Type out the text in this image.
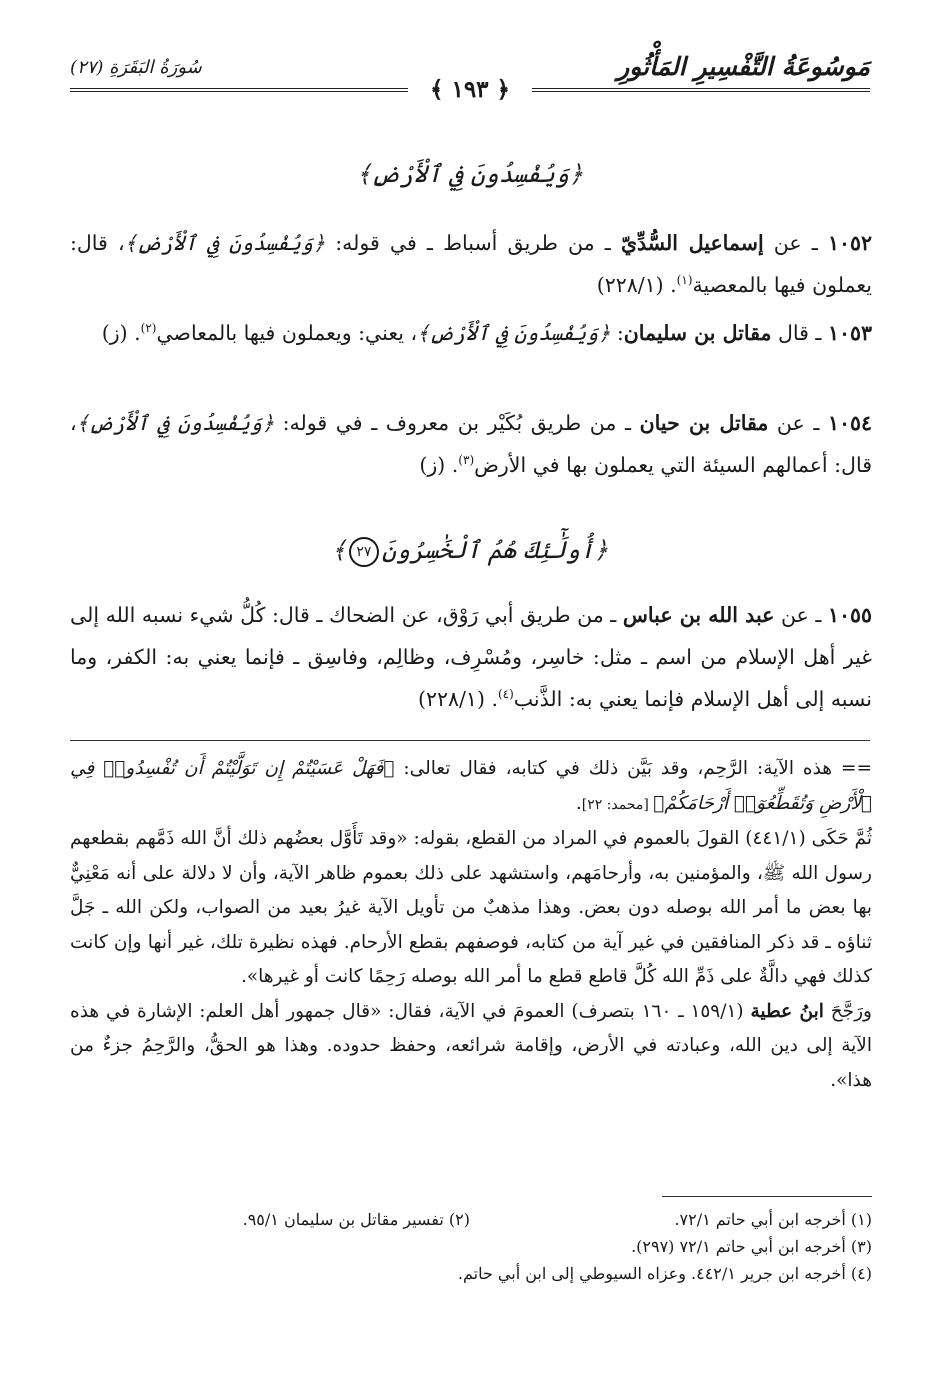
مَوسُوعَةُ التَّفْسِيرِ المَأْثُورِ
﴿ ١٩٣ ﴾
سُورَةُ البَقَرَةِ (٢٧)
﴿وَيُفْسِدُونَ فِي ٱلْأَرْضِ﴾
١٠٥٢ ـ عن إسماعيل السُّدِّيّ ـ من طريق أسباط ـ في قوله: ﴿وَيُفْسِدُونَ فِي ٱلْأَرْضِ﴾، قال: يعملون فيها بالمعصية$^{(١)}$. (٢٢٨/١)
١٠٥٣ ـ قال مقاتل بن سليمان: ﴿وَيُفْسِدُونَ فِي ٱلْأَرْضِ﴾، يعني: ويعملون فيها بالمعاصي$^{(٢)}$. (ز)
١٠٥٤ ـ عن مقاتل بن حيان ـ من طريق بُكَيْر بن معروف ـ في قوله: ﴿وَيُفْسِدُونَ فِي ٱلْأَرْضِ﴾، قال: أعمالهم السيئة التي يعملون بها في الأرض$^{(٣)}$. (ز)
﴿أُولَٰٓئِكَ هُمُ ٱلْخَٰسِرُونَ٢٧﴾
١٠٥٥ ـ عن عبد الله بن عباس ـ من طريق أبي رَوْق، عن الضحاك ـ قال: كُلُّ شيء نسبه الله إلى غير أهل الإسلام من اسم ـ مثل: خاسِر، ومُسْرِف، وظالِم، وفاسِق ـ فإنما يعني به: الكفر، وما نسبه إلى أهل الإسلام فإنما يعني به: الذَّنب$^{(٤)}$. (٢٢٨/١)

== هذه الآية: الرَّحِم، وقد بَيَّن ذلك في كتابه، فقال تعالى: ﴿فَهَلْ عَسَيْتُمْ إِن تَوَلَّيْتُمْ أَن تُفْسِدُوا۟ فِي ٱلْأَرْضِ وَتُقَطِّعُوٓا۟ أَرْحَامَكُمْ﴾ [محمد: ٢٢].

ثُمَّ حَكَى (٤٤١/١) القولَ بالعموم في المراد من القطع، بقوله: «وقد تَأَوَّل بعضُهم ذلك أنَّ الله ذَمَّهم بقطعهم رسول الله ﷺ، والمؤمنين به، وأرحامَهم، واستشهد على ذلك بعموم ظاهر الآية، وأن لا دلالة على أنه مَعْنِيٌّ بها بعض ما أمر الله بوصله دون بعض. وهذا مذهبٌ من تأويل الآية غيرُ بعيد من الصواب، ولكن الله ـ جَلَّ ثناؤه ـ قد ذكر المنافقين في غير آية من كتابه، فوصفهم بقطع الأرحام. فهذه نظيرة تلك، غير أنها وإن كانت كذلك فهي دالَّةٌ على ذَمِّ الله كُلَّ قاطع قطع ما أمر الله بوصله رَحِمًا كانت أو غيرها».

ورَجَّحَ ابنُ عطية (١٥٩/١ ـ ١٦٠ بتصرف) العمومَ في الآية، فقال: «قال جمهور أهل العلم: الإشارة في هذه الآية إلى دين الله، وعبادته في الأرض، وإقامة شرائعه، وحفظ حدوده. وهذا هو الحقُّ، والرَّحِمُ جزءٌ من هذا».

(١) أخرجه ابن أبي حاتم ٧٢/١.
(٢) تفسير مقاتل بن سليمان ٩٥/١.
(٣) أخرجه ابن أبي حاتم ٧٢/١ (٢٩٧).
(٤) أخرجه ابن جرير ٤٤٢/١. وعزاه السيوطي إلى ابن أبي حاتم.
